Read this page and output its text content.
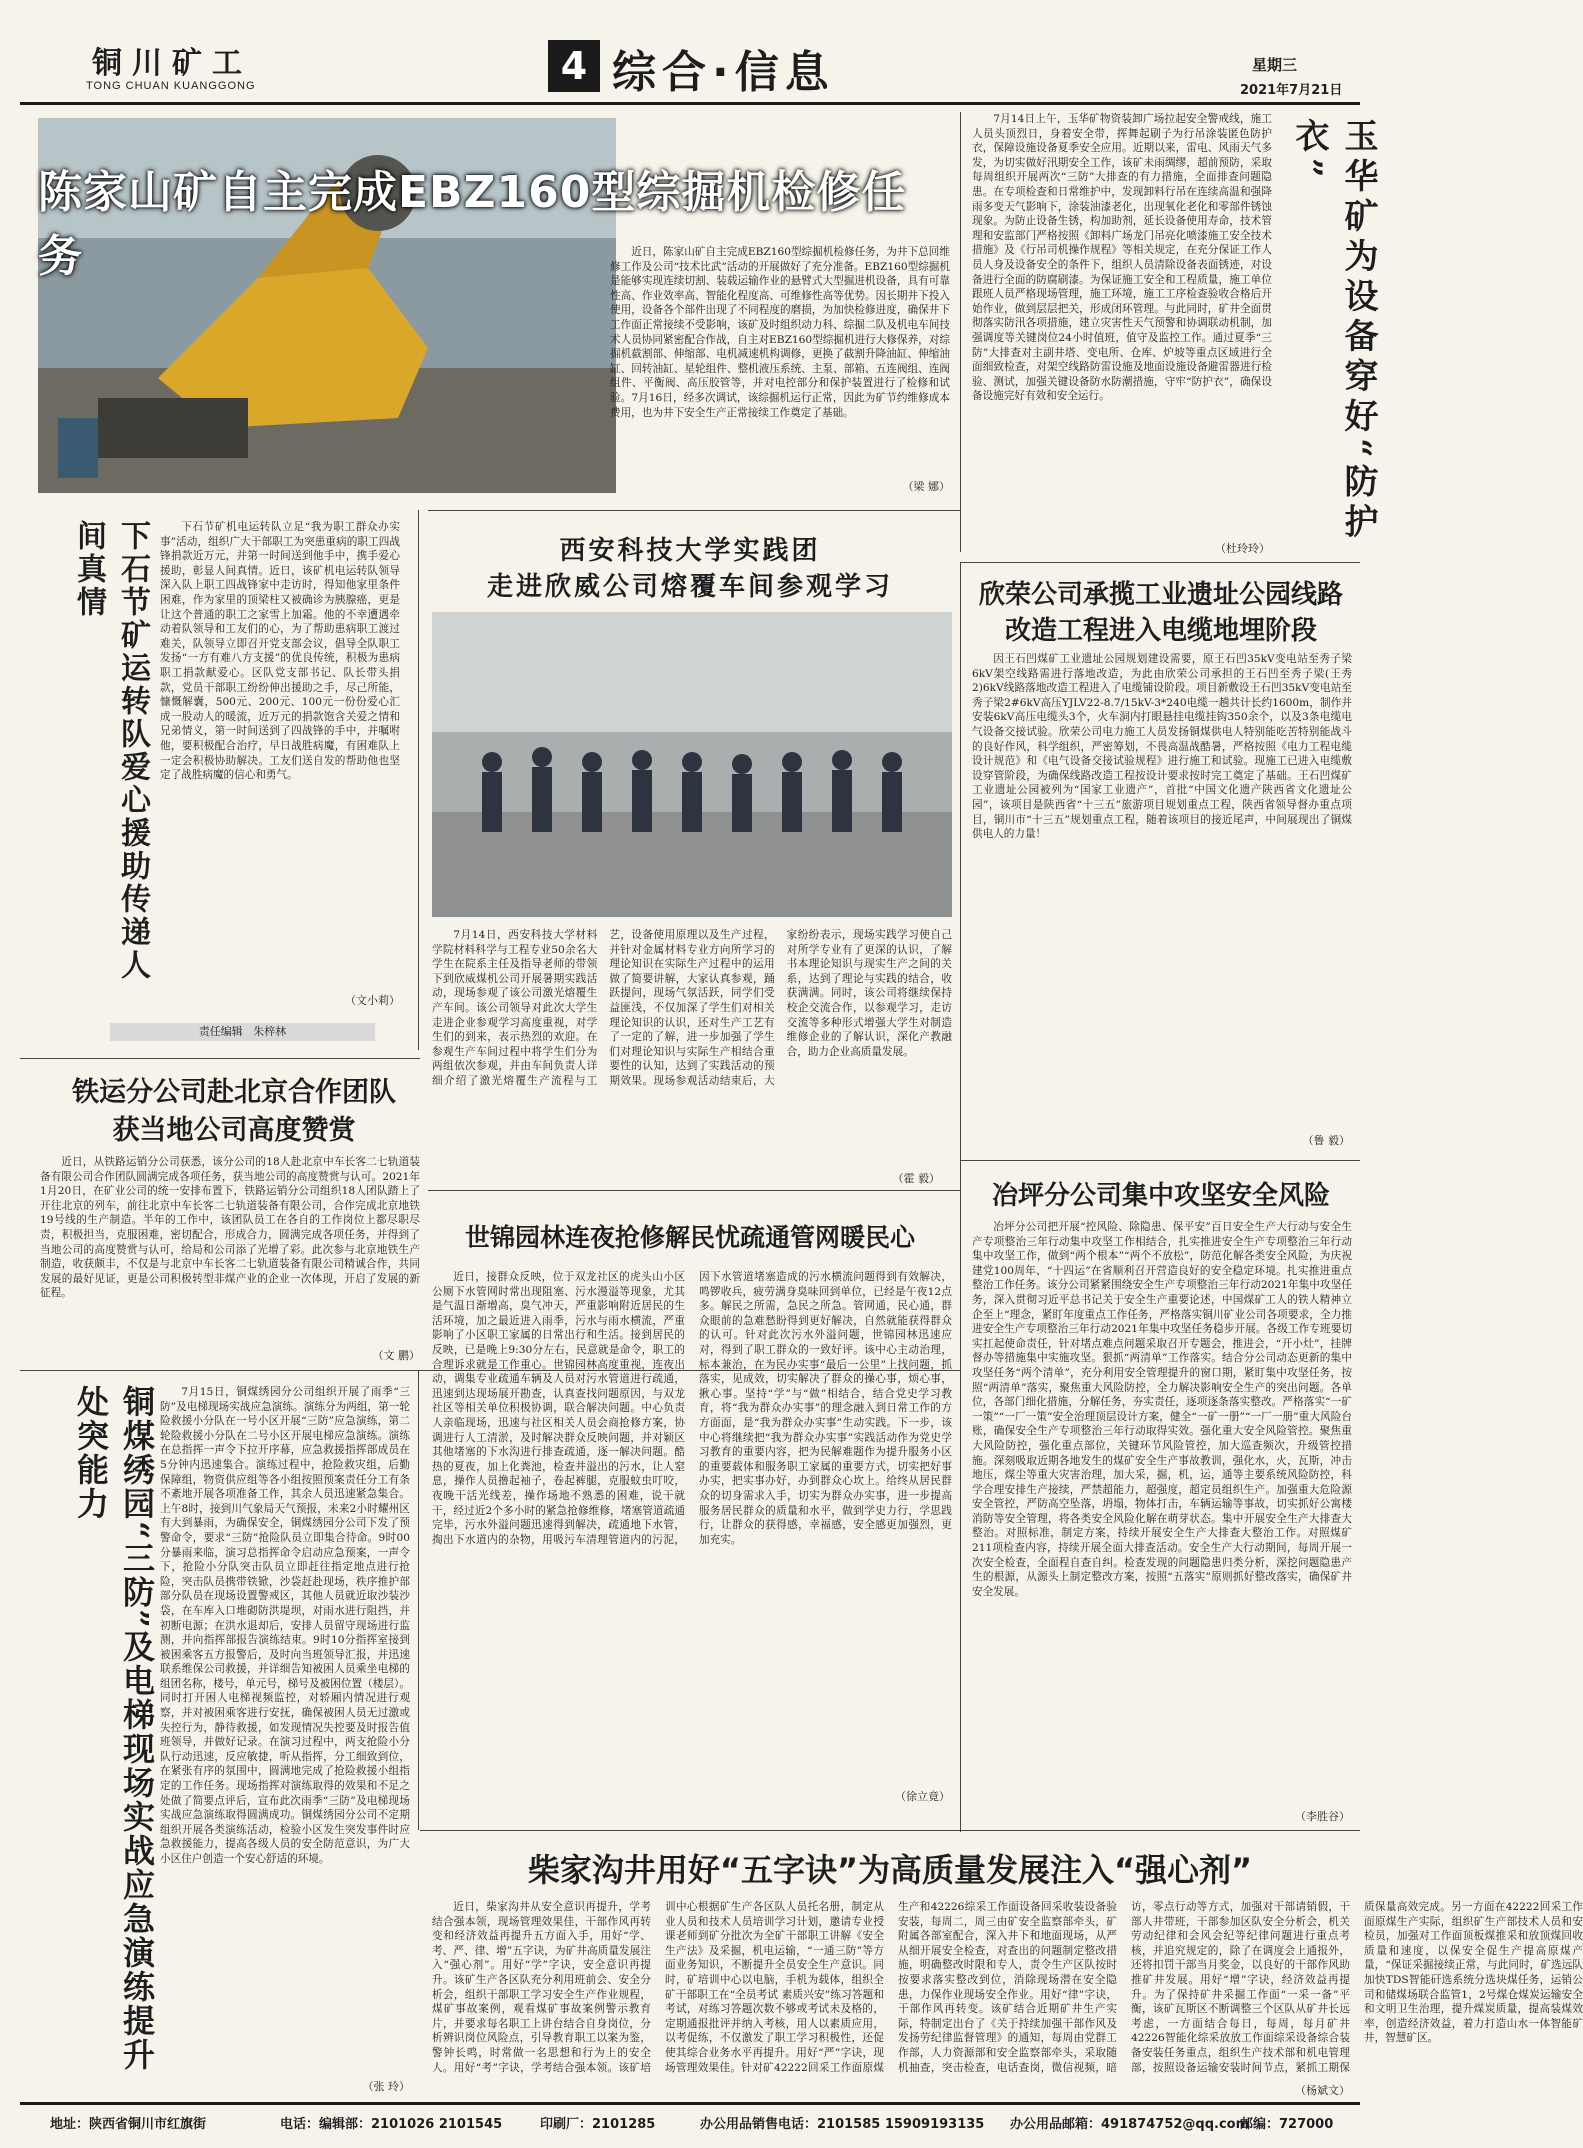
铜川矿工
TONG CHUAN KUANGGONG	4 综合·信息	星期三
2021年7月21日
陈家山矿自主完成EBZ160型综掘机检修任务	近日，陈家山矿自主完成EBZ160型综掘机检修任务，为井下总回维修工作及公司“技术比武”活动的开展做好了充分准备。EBZ160型综掘机是能够实现连续切割、装载运输作业的悬臂式大型掘进机设备，具有可靠性高、作业效率高、智能化程度高、可维修性高等优势。因长期井下投入使用，设备各个部件出现了不同程度的磨损，为加快检修进度，确保井下工作面正常接续不受影响，该矿及时组织动力科、综掘二队及机电车间技术人员协同紧密配合作战，自主对EBZ160型综掘机进行大修保养，对综掘机截割部、伸缩部、电机减速机构调修，更换了截割升降油缸、伸缩油缸、回转油缸、星轮组件、整机液压系统、主泵、部箱、五连阀组、连阀组件、平衡阀、高压胶管等，并对电控部分和保护装置进行了检修和试验。7月16日，经多次调试，该综掘机运行正常，因此为矿节约维修成本费用，也为井下安全生产正常接续工作奠定了基础。
（梁 娜）
7月14日上午，玉华矿物资装卸广场拉起安全警戒线，施工人员头顶烈日，身着安全带，挥舞起刷子为行吊涂装匿色防护衣，保障设施设备夏季安全应用。近期以来，雷电、风雨天气多发，为切实做好汛期安全工作，该矿未雨绸缪，超前预防，采取每周组织开展两次“三防”大排查的有力措施，全面排查问题隐患。在专项检查和日常维护中，发现卸料行吊在连续高温和强降雨多变天气影响下，涂装油漆老化，出现氧化老化和零部件锈蚀现象。为防止设备生锈，构加助剂，延长设备使用寿命，技术管理和安监部门严格按照《卸料广场龙门吊亮化喷漆施工安全技术措施》及《行吊司机操作规程》等相关规定，在充分保证工作人员人身及设备安全的条件下，组织人员清除设备表面锈迹，对设备进行全面的防腐刷漆。为保证施工安全和工程质量，施工单位跟班人员严格现场管理，施工环境，施工工序检查验收合格后开始作业，做到层层把关，形成闭环管理。与此同时，矿井全面贯彻落实防汛各项措施，建立灾害性天气预警和协调联动机制，加强调度等关键岗位24小时值班，值守及监控工作。通过夏季“三防”大排查对主副井塔、变电所、仓库、炉坡等重点区域进行全面细致检查，对架空线路防雷设施及地面设施设备避雷器进行检验、测试，加强关键设备防水防潮措施，守牢“防护衣”，确保设备设施完好有效和安全运行。
（杜玲玲）
玉华矿为设备穿好“防护衣”
下石节矿运转队爱心援助传递人间真情	下石节矿机电运转队立足“我为职工群众办实事”活动，组织广大干部职工为突患重病的职工四战锋捐款近万元，并第一时间送到他手中，携手爱心援助，彰显人间真情。近日，该矿机电运转队领导深入队上职工四战锋家中走访时，得知他家里条件困难，作为家里的顶梁柱又被确诊为胰腺癌，更是让这个普通的职工之家雪上加霜。他的不幸遭遇牵动着队领导和工友们的心，为了帮助患病职工渡过难关，队领导立即召开党支部会议，倡导全队职工发扬“一方有难八方支援”的优良传统，积极为患病职工捐款献爱心。区队党支部书记、队长带头捐款，党员干部职工纷纷伸出援助之手，尽己所能，慷慨解囊，500元、200元、100元一份份爱心汇成一股动人的暖流，近万元的捐款饱含关爱之情和兄弟情义，第一时间送到了四战锋的手中，并嘱咐他，要积极配合治疗，早日战胜病魔，有困难队上一定会积极协助解决。工友们送自发的帮助他也坚定了战胜病魔的信心和勇气。
（文小莉）
责任编辑 朱梓林
西安科技大学实践团
走进欣威公司熔覆车间参观学习
7月14日，西安科技大学材料学院材料科学与工程专业50余名大学生在院系主任及指导老师的带领下到欣威煤机公司开展暑期实践活动，现场参观了该公司激光熔覆生产车间。该公司领导对此次大学生走进企业参观学习高度重视，对学生们的到来，表示热烈的欢迎。在参观生产车间过程中将学生们分为两组依次参观，并由车间负责人详细介绍了激光熔覆生产流程与工艺，设备使用原理以及生产过程，并针对金属材料专业方向所学习的理论知识在实际生产过程中的运用做了简要讲解，大家认真参观，踊跃提问，现场气氛活跃，同学们受益匪浅，不仅加深了学生们对相关理论知识的认识，还对生产工艺有了一定的了解，进一步加强了学生们对理论知识与实际生产相结合重要性的认知，达到了实践活动的预期效果。现场参观活动结束后，大家纷纷表示，现场实践学习使自己对所学专业有了更深的认识，了解书本理论知识与现实生产之间的关系，达到了理论与实践的结合，收获满满。同时，该公司将继续保持校企交流合作，以参观学习，走访交流等多种形式增强大学生对制造维修企业的了解认识，深化产教融合，助力企业高质量发展。
（霍 毅）
欣荣公司承揽工业遗址公园线路
改造工程进入电缆地埋阶段
因王石凹煤矿工业遗址公园规划建设需要，原王石凹35kV变电站至秀子梁6kV架空线路需进行落地改造，为此由欣荣公司承担的王石凹至秀子梁(王秀2)6kV线路落地改造工程进入了电缆铺设阶段。项目新敷设王石凹35kV变电站至秀子梁2#6kV高压YJLV22-8.7/15kV-3*240电缆一趟共计长约1600m，制作并安装6kV高压电缆头3个，火车洞内打眼悬挂电缆挂钩350余个，以及3条电缆电气设备交接试验。欣荣公司电力施工人员发扬铜煤供电人特别能吃苦特别能战斗的良好作风，科学组织，严密筹划，不畏高温战酷暑，严格按照《电力工程电缆设计规范》和《电气设备交接试验规程》进行施工和试验。现施工已进入电缆敷设穿管阶段，为确保线路改造工程按设计要求按时完工奠定了基础。王石凹煤矿工业遗址公园被列为“国家工业遗产”，首批“中国文化遗产陕西省文化遗址公园”，该项目是陕西省“十三五”旅游项目规划重点工程，陕西省领导督办重点项目，铜川市“十三五”规划重点工程，随着该项目的接近尾声，中间展现出了铜煤供电人的力量！
（鲁 毅）
铁运分公司赴北京合作团队
获当地公司高度赞赏
近日，从铁路运销分公司获悉，该分公司的18人赴北京中车长客二七轨道装备有限公司合作团队圆满完成各项任务，获当地公司的高度赞赏与认可。2021年1月20日，在矿业公司的统一安排布置下，铁路运销分公司组织18人团队踏上了开往北京的列车，前往北京中车长客二七轨道装备有限公司，合作完成北京地铁19号线的生产制造。半年的工作中，该团队员工在各自的工作岗位上都尽职尽责，积极担当，克服困难，密切配合，形成合力，圆满完成各项任务，并得到了当地公司的高度赞赏与认可，给局和公司添了光增了彩。此次参与北京地铁生产制造，收获颇丰，不仅是与北京中车长客二七轨道装备有限公司精诚合作，共同发展的最好见证，更是公司积极转型非煤产业的企业一次体现，开启了发展的新征程。
（文 鹏）
冶坪分公司集中攻坚安全风险
冶坪分公司把开展“控风险、除隐患、保平安”百日安全生产大行动与安全生产专项整治三年行动集中攻坚工作相结合，扎实推进安全生产专项整治三年行动集中攻坚工作，做到“两个根本”“两个不放松”，防范化解各类安全风险，为庆祝建党100周年、“十四运”在省顺利召开营造良好的安全稳定环境。扎实推进重点整治工作任务。该分公司紧紧围绕安全生产专项整治三年行动2021年集中攻坚任务，深入贯彻习近平总书记关于安全生产重要论述，中国煤矿工人的铁人精神立企至上“理念，紧盯年度重点工作任务，严格落实铜川矿业公司各项要求，全力推进安全生产专项整治三年行动2021年集中攻坚任务稳步开展。各级工作专班要切实扛起使命责任，针对堵点难点问题采取召开专题会，推进会，“开小灶”，挂牌督办等措施集中实施攻坚。狠抓“两清单”工作落实。结合分公司动态更新的集中攻坚任务“两个清单”，充分利用安全管理提升的窗口期，紧盯集中攻坚任务，按照“两清单”落实，聚焦重大风险防控，全力解决影响安全生产的突出问题。各单位，各部门细化措施，分解任务，夯实责任，逐项逐条落实整改。严格落实“一矿一策”“一厂一策”安全治理顶层设计方案，健全“一矿一册”“一厂一册”重大风险台账，确保安全生产专项整治三年行动取得实效。强化重大安全风险管控。聚焦重大风险防控，强化重点部位，关键环节风险管控，加大巡查频次，升级管控措施。深刻吸取近期各地发生的煤矿安全生产事故教训，强化水，火，瓦斯，冲击地压，煤尘等重大灾害治理，加大采，掘，机，运，通等主要系统风险防控，科学合理安排生产接续，严禁超能力，超强度，超定员组织生产。加强重大危险源安全管控，严防高空坠落，坍塌，物体打击，车辆运输等事故，切实抓好公寓楼消防等安全管理，将各类安全风险化解在萌芽状态。集中开展安全生产大排查大整治。对照标准，制定方案，持续开展安全生产大排查大整治工作。对照煤矿211项检查内容，持续开展全面大排查活动。安全生产大行动期间，每周开展一次安全检查，全面程自查自纠。检查发现的问题隐患归类分析，深挖问题隐患产生的根源，从源头上制定整改方案，按照“五落实”原则抓好整改落实，确保矿井安全发展。
（李胜谷）
世锦园林连夜抢修解民忧疏通管网暖民心
近日，接群众反映，位于双龙社区的虎头山小区公厕下水管网时常出现阻塞、污水漫溢等现象，尤其是气温日渐增高，臭气冲天，严重影响附近居民的生活环境，加之最近进入雨季，污水与雨水横流，严重影响了小区职工家属的日常出行和生活。接到居民的反映，已是晚上9:30分左右，民意就是命令，职工的合理诉求就是工作重心。世锦园林高度重视，连夜出动，调集专业疏通车辆及人员对污水管道进行疏通，迅速到达现场展开勘查，认真查找问题原因，与双龙社区等相关单位积极协调，联合解决问题。中心负责人亲临现场，迅速与社区相关人员会商抢修方案，协调进行人工清淤，及时解决群众反映问题，并对颖区其他堵塞的下水沟进行排查疏通，逐一解决问题。酷热的夏夜，加上化粪池，检查井溢出的污水，让人窒息，操作人员撸起袖子，卷起裤腿，克服蚊虫叮咬，夜晚干活光线差，操作场地不熟悉的困难，说干就干，经过近2个多小时的紧急抢修维修，堵塞管道疏通完毕，污水外溢问题迅速得到解决，疏通地下水管，掏出下水道内的杂物，用吸污车清理管道内的污泥，因下水管道堵塞造成的污水横流问题得到有效解决，鸣锣收兵，疲劳满身臭味回到单位，已经是午夜12点多。解民之所需，急民之所急。管网通，民心通，群众眼前的急难愁盼得到更好解决，自然就能获得群众的认可。针对此次污水外溢问题，世锦园林迅速应对，得到了职工群众的一致好评。该中心主动治理，标本兼治，在为民办实事“最后一公里”上找问题，抓落实，见成效，切实解决了群众的操心事，烦心事，揪心事。坚持“学”与“做”相结合，结合党史学习教育，将“我为群众办实事”的理念融入到日常工作的方方面面，是“我为群众办实事”生动实践。下一步，该中心将继续把“我为群众办实事”实践活动作为党史学习教育的重要内容，把为民解难题作为提升服务小区的重要载体和服务职工家属的重要方式，切实把好事办实，把实事办好，办到群众心坎上。给终从居民群众的切身需求入手，切实为群众办实事，进一步提高服务居民群众的质量和水平，做到学史力行，学思践行，让群众的获得感，幸福感，安全感更加强烈，更加充实。
（徐立竟）
铜煤绣园“三防”及电梯现场实战应急演练提升处突能力	7月15日，铜煤绣园分公司组织开展了雨季“三防”及电梯现场实战应急演练。演练分为两组，第一轮险救援小分队在一号小区开展“三防”应急演练，第二轮险救援小分队在二号小区开展电梯应急演练。演练在总指挥一声令下拉开序幕，应急救援指挥部成员在5分钟内迅速集合。演练过程中，抢险救灾组，后勤保障组，物资供应组等各小组按照预案责任分工有条不紊地开展各项准备工作，其余人员迅速紧急集合。上午8时，接到川气象局天气预报，未来2小时耀州区有大到暴雨，为确保安全，铜煤绣园分公司下发了预警命令，要求“三防”抢险队员立即集合待命。9时00分暴雨来临，演习总指挥命令启动应急预案，一声令下，抢险小分队突击队员立即赶往指定地点进行抢险，突击队员携带铁锨，沙袋赶赴现场，秩序推护部部分队员在现场设置警戒区，其他人员就近取沙装沙袋，在车库入口堆砌防洪堤坝，对雨水进行阻挡，并初断电源；在洪水退却后，安排人员留守现场进行监测，并向指挥部报告演练结束。9时10分指挥室接到被困乘客五方报警后，及时向当班领导汇报，并迅速联系维保公司救援，并详细告知被困人员乘坐电梯的组团名称，楼号，单元号，梯号及被困位置（楼层）。同时打开困人电梯视频监控，对轿厢内情况进行观察，并对被困乘客进行安抚，确保被困人员无过激或失控行为，静待救援，如发现情况失控要及时报告值班领导，并做好记录。在演习过程中，两支抢险小分队行动迅速，反应敏捷，听从指挥，分工细致到位，在紧张有序的氛围中，圆满地完成了抢险救援小组指定的工作任务。现场指挥对演练取得的效果和不足之处做了简要点评后，宣布此次雨季“三防”及电梯现场实战应急演练取得圆满成功。铜煤绣园分公司不定期组织开展各类演练活动，检验小区发生突发事件时应急救援能力，提高各级人员的安全防范意识，为广大小区住户创造一个安心舒适的环境。
（张 玲）
柴家沟井用好“五字诀”为高质量发展注入“强心剂”
近日，柴家沟井从安全意识再提升，学考结合强本领，现场管理效果佳，干部作风再转变和经济效益再提升五方面入手，用好“学、考、严、律、增”五字诀，为矿井高质量发展注入“强心剂”。用好“学”字诀，安全意识再提升。该矿生产各区队充分利用班前会、安全分析会，组织干部职工学习安全生产作业规程，煤矿事故案例，观看煤矿事故案例警示教育片，并要求每名职工上讲台结合自身岗位，分析辨识岗位风险点，引导教育职工以案为鉴，警钟长鸣，时常做一名思想和行为上的安全人。用好“考”字诀，学考结合强本领。该矿培训中心根据矿生产各区队人员托名册，制定从业人员和技术人员培训学习计划，邀请专业授课老师到矿分批次为全矿干部职工讲解《安全生产法》及采掘，机电运输，“一通三防”等方面业务知识，不断提升全员安全生产意识。同时，矿培训中心以电脑，手机为载体，组织全矿干部职工在“全员考试 素质兴安”练习答题和考试，对练习答题次数不够或考试未及格的，定期通报批评并纳入考核，用人以素质应用，以考促练，不仅激发了职工学习积极性，还促使其综合业务水平再提升。用好“严”字诀，现场管理效果佳。针对矿42222回采工作面原煤生产和42226综采工作面设备回采收装设备验安装，每周二，周三由矿安全监察部牵头，矿附属各部室配合，深入井下和地面现场，从严从细开展安全检查，对查出的问题制定整改措施，明确整改时限和专人，责令生产区队按时按要求落实整改到位，消除现场潜在安全隐患，力保作业现场安全作业。用好“律”字诀，干部作风再转变。该矿结合近期矿井生产实际，特制定出台了《关于持续加强干部作风及发扬劳纪律监督管理》的通知，每周由党群工作部，人力资源部和安全监察部牵头，采取随机抽查，突击检查，电话查岗，微信视频，暗访，零点行动等方式，加强对干部请销假，干部人井带班，干部参加区队安全分析会，机关劳动纪律和会风会纪等纪律问题进行重点考核，并追究规定的，除了在调度会上通报外，还将扣罚干部当月奖金，以良好的干部作风助推矿井发展。用好“增”字诀，经济效益再提升。为了保持矿井采掘工作面“一采一备”平衡，该矿瓦斯区不断调整三个区队从矿井长远考虑，一方面结合每日，每周，每月矿井42226智能化综采放放工作面综采设备综合装备安装任务重点，组织生产技术部和机电管理部，按照设备运输安装时间节点，紧抓工期保质保量高效完成。另一方面在42222回采工作面原煤生产实际，组织矿生产部技术人员和安检员，加强对工作面顶板煤推采和放顶煤回收质量和速度，以保安全促生产提高原煤产量，“保证采掘接续正常，与此同时，矿选远队加快TDS智能矸选系统分选块煤任务，运销公司和储煤场联合监管1，2号煤仓煤炭运输安全和文明卫生治理，提升煤炭质量，提高装煤效率，创造经济效益，着力打造山水一体智能矿井，智慧矿区。
（杨斌文）
地址：陕西省铜川市红旗街	电话：编辑部：2101026 2101545	印刷厂：2101285	办公用品销售电话：2101585 15909193135 办公用品邮箱：491874752@qq.com
邮编：727000
